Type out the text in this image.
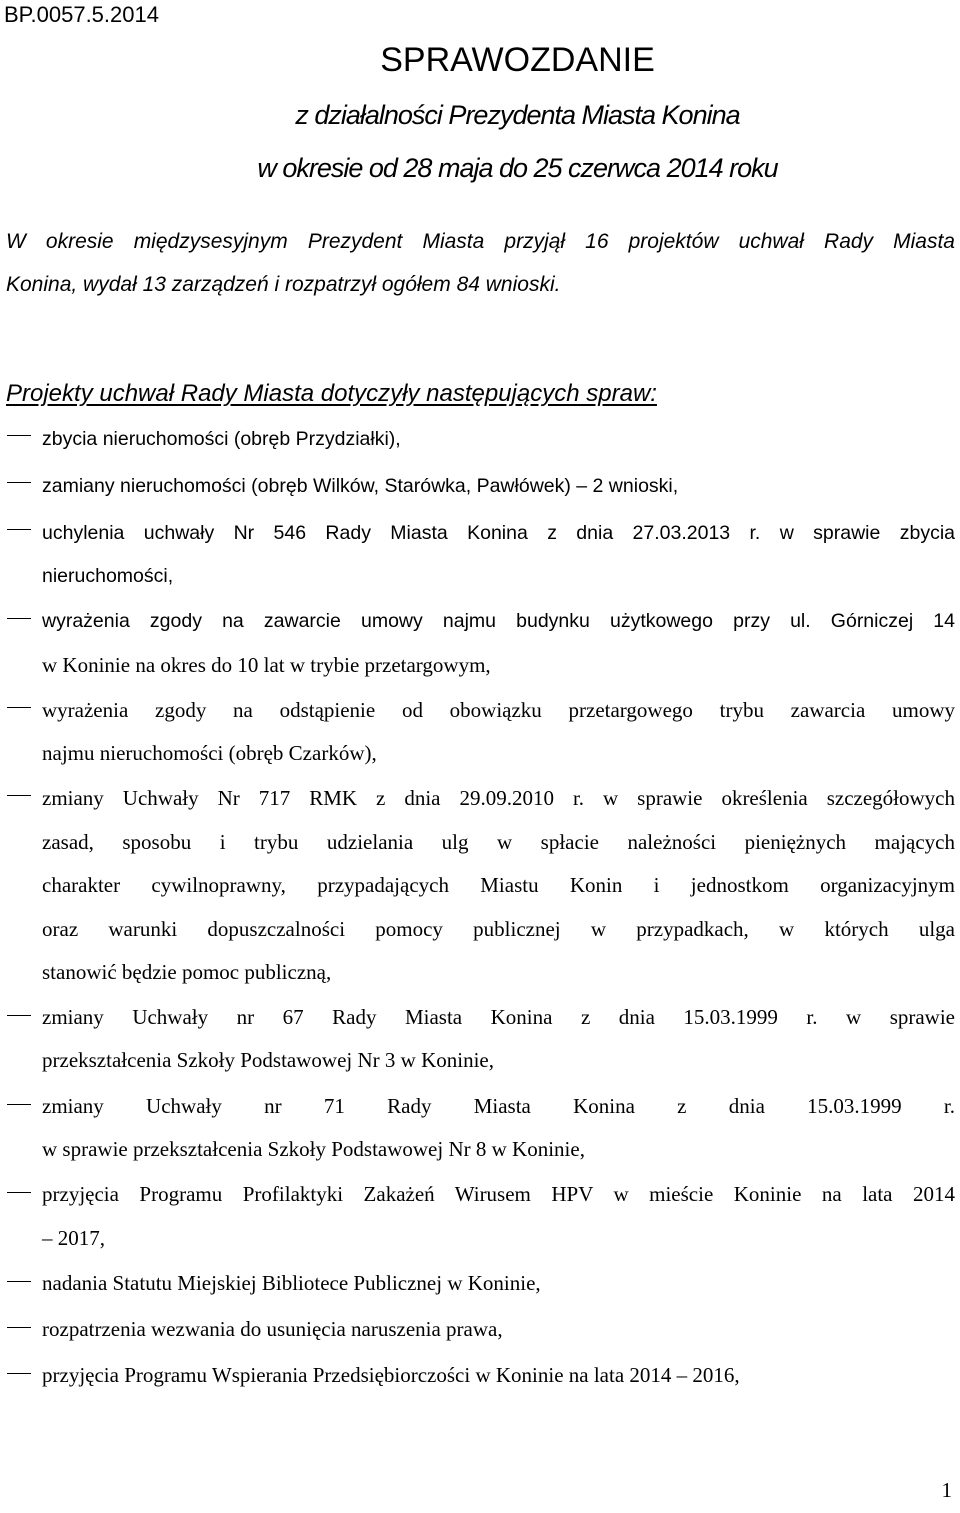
BP.0057.5.2014
SPRAWOZDANIE
z działalności Prezydenta Miasta Konina
w okresie od 28 maja do 25 czerwca 2014 roku
W okresie międzysesyjnym Prezydent Miasta przyjął 16 projektów uchwał Rady Miasta
Konina, wydał 13 zarządzeń i rozpatrzył ogółem 84 wnioski.
Projekty uchwał Rady Miasta dotyczyły następujących spraw:
zbycia nieruchomości (obręb Przydziałki),
zamiany nieruchomości (obręb Wilków, Starówka, Pawłówek) – 2 wnioski,
uchylenia uchwały Nr 546 Rady Miasta Konina z dnia 27.03.2013 r. w sprawie zbycia
nieruchomości,
wyrażenia zgody na zawarcie umowy najmu budynku użytkowego przy ul. Górniczej 14
w Koninie na okres do 10 lat w trybie przetargowym,
wyrażenia zgody na odstąpienie od obowiązku przetargowego trybu zawarcia umowy
najmu nieruchomości (obręb Czarków),
zmiany Uchwały Nr 717 RMK z dnia 29.09.2010 r. w sprawie określenia szczegółowych
zasad, sposobu i trybu udzielania ulg w spłacie należności pieniężnych mających
charakter cywilnoprawny, przypadających Miastu Konin i jednostkom organizacyjnym
oraz warunki dopuszczalności pomocy publicznej w przypadkach, w których ulga
stanowić będzie pomoc publiczną,
zmiany Uchwały nr 67 Rady Miasta Konina z dnia 15.03.1999 r. w sprawie
przekształcenia Szkoły Podstawowej Nr 3 w Koninie,
zmiany Uchwały nr 71 Rady Miasta Konina z dnia 15.03.1999 r.
w sprawie przekształcenia Szkoły Podstawowej Nr 8 w Koninie,
przyjęcia Programu Profilaktyki Zakażeń Wirusem HPV w mieście Koninie na lata 2014
– 2017,
nadania Statutu Miejskiej Bibliotece Publicznej w Koninie,
rozpatrzenia wezwania do usunięcia naruszenia prawa,
przyjęcia Programu Wspierania Przedsiębiorczości w Koninie na lata 2014 – 2016,
1
